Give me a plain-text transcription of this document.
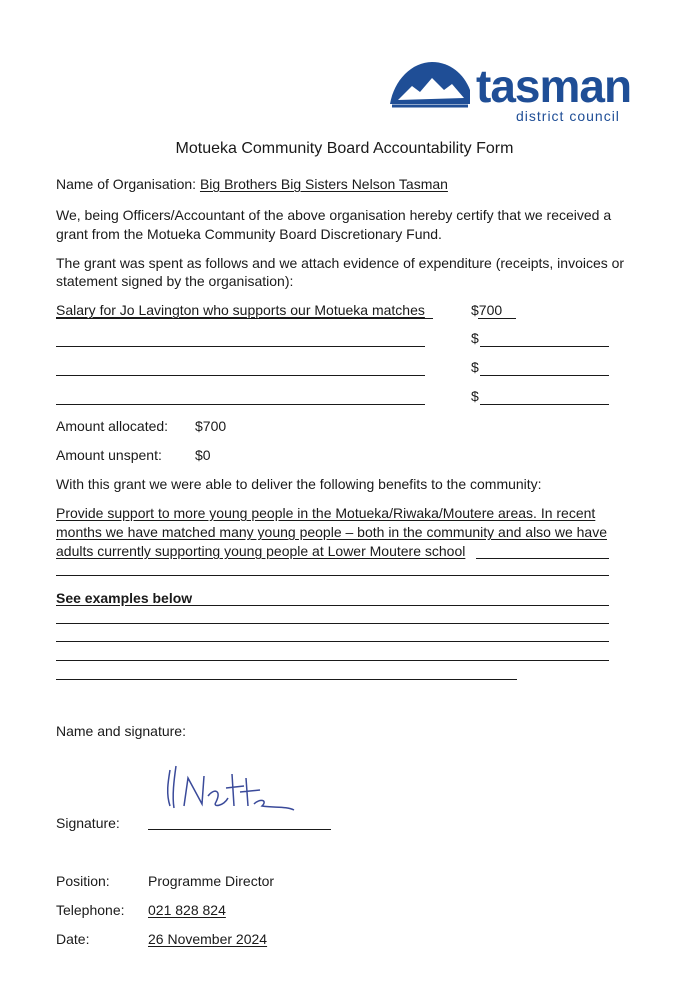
tasman
district council
Motueka Community Board Accountability Form
Name of Organisation: Big Brothers Big Sisters Nelson Tasman
We, being Officers/Accountant of the above organisation hereby certify that we received a
grant from the Motueka Community Board Discretionary Fund.
The grant was spent as follows and we attach evidence of expenditure (receipts, invoices or
statement signed by the organisation):
Salary for Jo Lavington who supports our Motueka matches	$700
$
$
$
Amount allocated: $700
Amount unspent: $0
With this grant we were able to deliver the following benefits to the community:
Provide support to more young people in the Motueka/Riwaka/Moutere areas. In recent
months we have matched many young people – both in the community and also we have
adults currently supporting young people at Lower Moutere school
See examples below
Name and signature:
Signature:
Position:	Programme Director
Telephone: 021 828 824
Date:	26 November 2024
